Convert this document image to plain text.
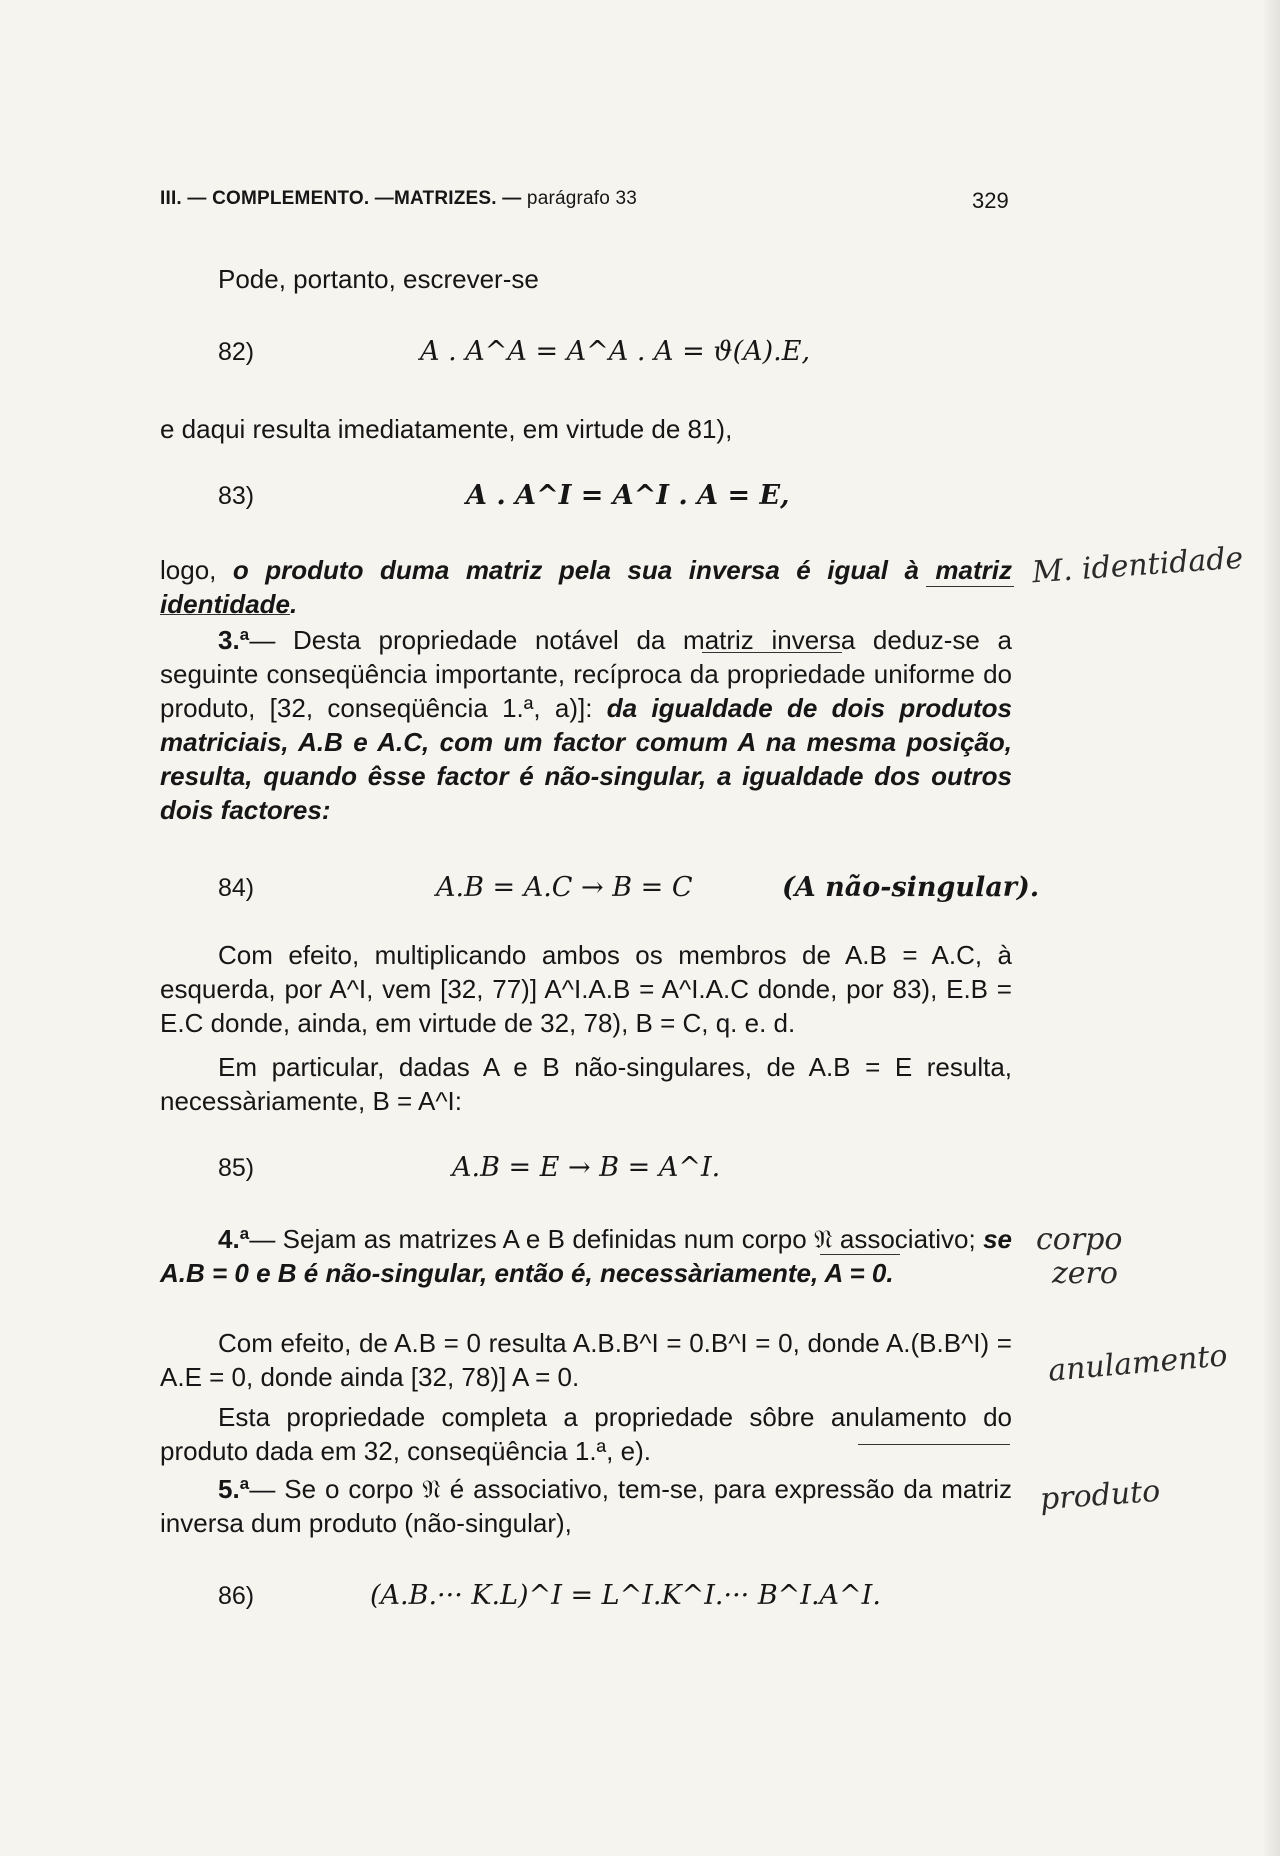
III. — COMPLEMENTO. —MATRIZES. — parágrafo 33	329
Pode, portanto, escrever-se
82)	A . A^A = A^A . A = ϑ(A).E,
e daqui resulta imediatamente, em virtude de 81),
83)	A . A^I = A^I . A = E,
logo, o produto duma matriz pela sua inversa é igual à matriz identidade.
3.ª— Desta propriedade notável da matriz inversa deduz-se a seguinte conseqüência importante, recíproca da propriedade uniforme do produto, [32, conseqüência 1.ª, a)]: da igualdade de dois produtos matriciais, A.B e A.C, com um factor comum A na mesma posição, resulta, quando êsse factor é não-singular, a igualdade dos outros dois factores:
84)	A.B = A.C → B = C	(A não-singular).
Com efeito, multiplicando ambos os membros de A.B = A.C, à esquerda, por A^I, vem [32, 77)] A^I.A.B = A^I.A.C donde, por 83), E.B = E.C donde, ainda, em virtude de 32, 78), B = C, q. e. d.
Em particular, dadas A e B não-singulares, de A.B = E resulta, necessàriamente, B = A^I:
85)	A.B = E → B = A^I.
4.ª— Sejam as matrizes A e B definidas num corpo 𝔑 associativo; se A.B = 0 e B é não-singular, então é, necessàriamente, A = 0.
Com efeito, de A.B = 0 resulta A.B.B^I = 0.B^I = 0, donde A.(B.B^I) = A.E = 0, donde ainda [32, 78)] A = 0.
Esta propriedade completa a propriedade sôbre anulamento do produto dada em 32, conseqüência 1.ª, e).
5.ª— Se o corpo 𝔑 é associativo, tem-se, para expressão da matriz inversa dum produto (não-singular),
86)	(A.B.··· K.L)^I = L^I.K^I.··· B^I.A^I.
M. identidade
corpo
zero
anulamento
produto
